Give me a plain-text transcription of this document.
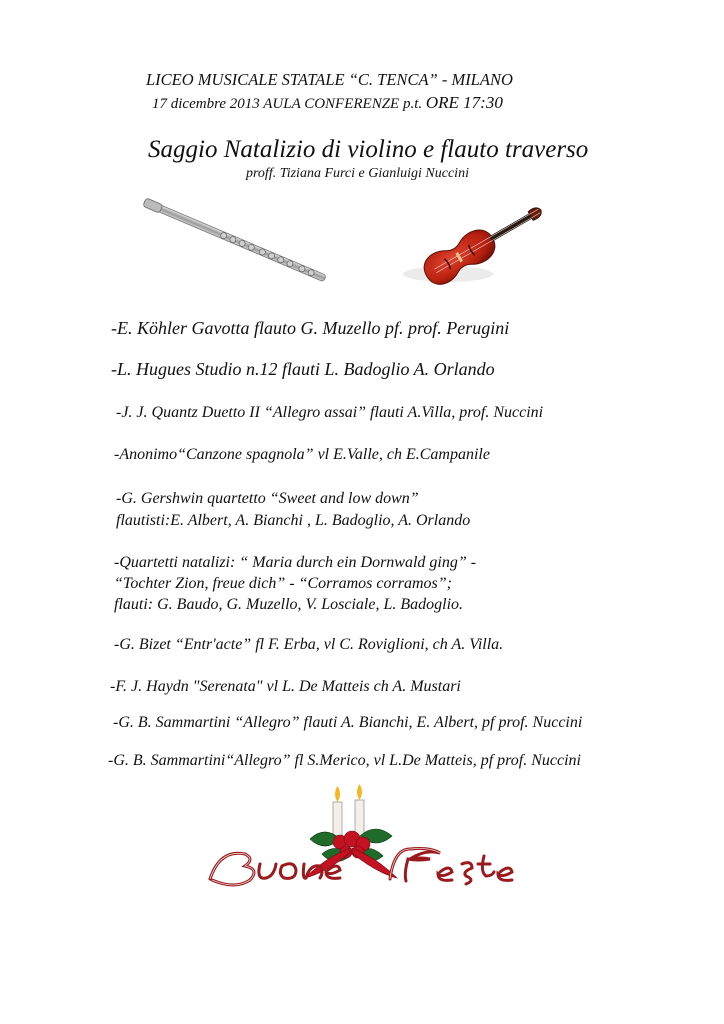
LICEO MUSICALE STATALE “C. TENCA” - MILANO
17 dicembre 2013 AULA CONFERENZE p.t. ORE 17:30
Saggio Natalizio di violino e flauto traverso
proff. Tiziana Furci e Gianluigi Nuccini
-E. Köhler Gavotta flauto G. Muzello pf. prof. Perugini
-L. Hugues Studio n.12 flauti L. Badoglio A. Orlando
-J. J. Quantz Duetto II “Allegro assai” flauti A.Villa, prof. Nuccini
-Anonimo“Canzone spagnola” vl E.Valle, ch E.Campanile
-G. Gershwin quartetto “Sweet and low down”
flautisti:E. Albert, A. Bianchi , L. Badoglio, A. Orlando
-Quartetti natalizi: “ Maria durch ein Dornwald ging” -
“Tochter Zion, freue dich” - “Corramos corramos”;
flauti: G. Baudo, G. Muzello, V. Losciale, L. Badoglio.
-G. Bizet “Entr'acte” fl F. Erba, vl C. Roviglioni, ch A. Villa.
-F. J. Haydn "Serenata" vl L. De Matteis ch A. Mustari
-G. B. Sammartini “Allegro” flauti A. Bianchi, E. Albert, pf prof. Nuccini
-G. B. Sammartini“Allegro” fl S.Merico, vl L.De Matteis, pf prof. Nuccini
